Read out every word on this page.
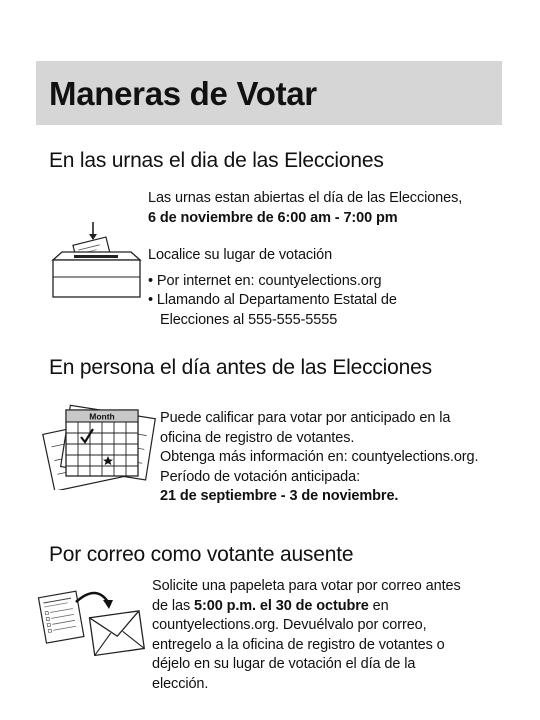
Maneras de Votar
En las urnas el dia de las Elecciones

Las urnas estan abiertas el día de las Elecciones,

6 de noviembre de 6:00 am - 7:00 pm

Localice su lugar de votación

• Por internet en: countyelections.org

• Llamando al Departamento Estatal de

Elecciones al 555-555-5555

En persona el día antes de las Elecciones
Month	Puede calificar para votar por anticipado en la

oficina de registro de votantes.

Obtenga más información en: countyelections.org.

Período de votación anticipada:

21 de septiembre - 3 de noviembre.

Por correo como votante ausente

Solicite una papeleta para votar por correo antes

de las 5:00 p.m. el 30 de octubre en

countyelections.org. Devuélvalo por correo,

entregelo a la oficina de registro de votantes o

déjelo en su lugar de votación el día de la

elección.
